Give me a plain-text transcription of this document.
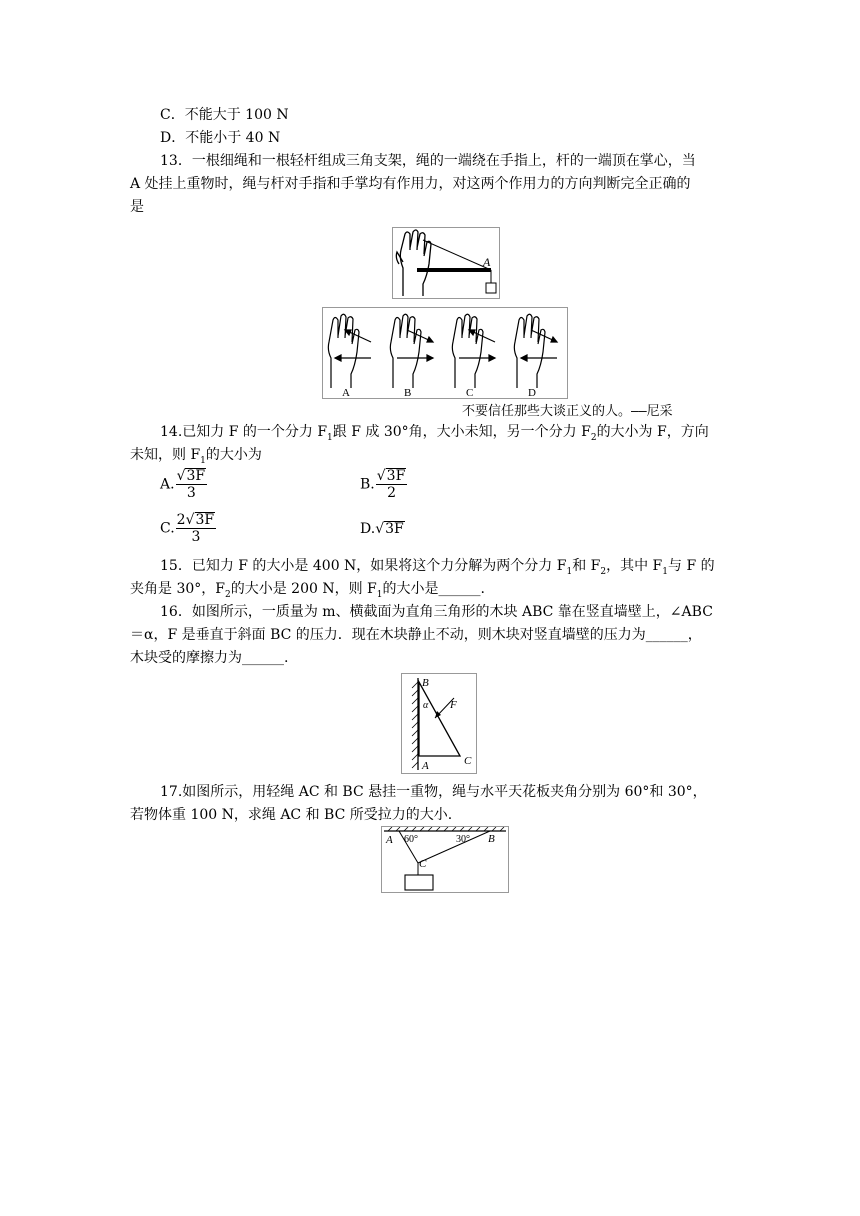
C．不能大于 100 N
D．不能小于 40 N
13．一根细绳和一根轻杆组成三角支架，绳的一端绕在手指上，杆的一端顶在掌心，当
A 处挂上重物时，绳与杆对手指和手掌均有作用力，对这两个作用力的方向判断完全正确的
是
A
A	B	C	D
不要信任那些大谈正义的人。——尼采
14.已知力 F 的一个分力 $F_1$跟 F 成 30°角，大小未知，另一个分力 $F_2$的大小为 F，方向
未知，则 $F_1$的大小为
A. $\frac{√3F}{3}$	B. $\frac{√3F}{2}$
C. $\frac{2√3F}{3}$	D.√3F
15．已知力 F 的大小是 400 N，如果将这个力分解为两个分力 $F_1$和 $F_2$，其中 $F_1$与 F 的
夹角是 30°，$F_2$的大小是 200 N，则 $F_1$的大小是______.
16．如图所示，一质量为 m、横截面为直角三角形的木块 ABC 靠在竖直墙壁上，∠ABC
＝α，F 是垂直于斜面 BC 的压力．现在木块静止不动，则木块对竖直墙壁的压力为______，
木块受的摩擦力为______.
B
α F
A	C
17.如图所示，用轻绳 AC 和 BC 悬挂一重物，绳与水平天花板夹角分别为 60°和 30°，
若物体重 100 N，求绳 AC 和 BC 所受拉力的大小.
A 60°	30° B
C
